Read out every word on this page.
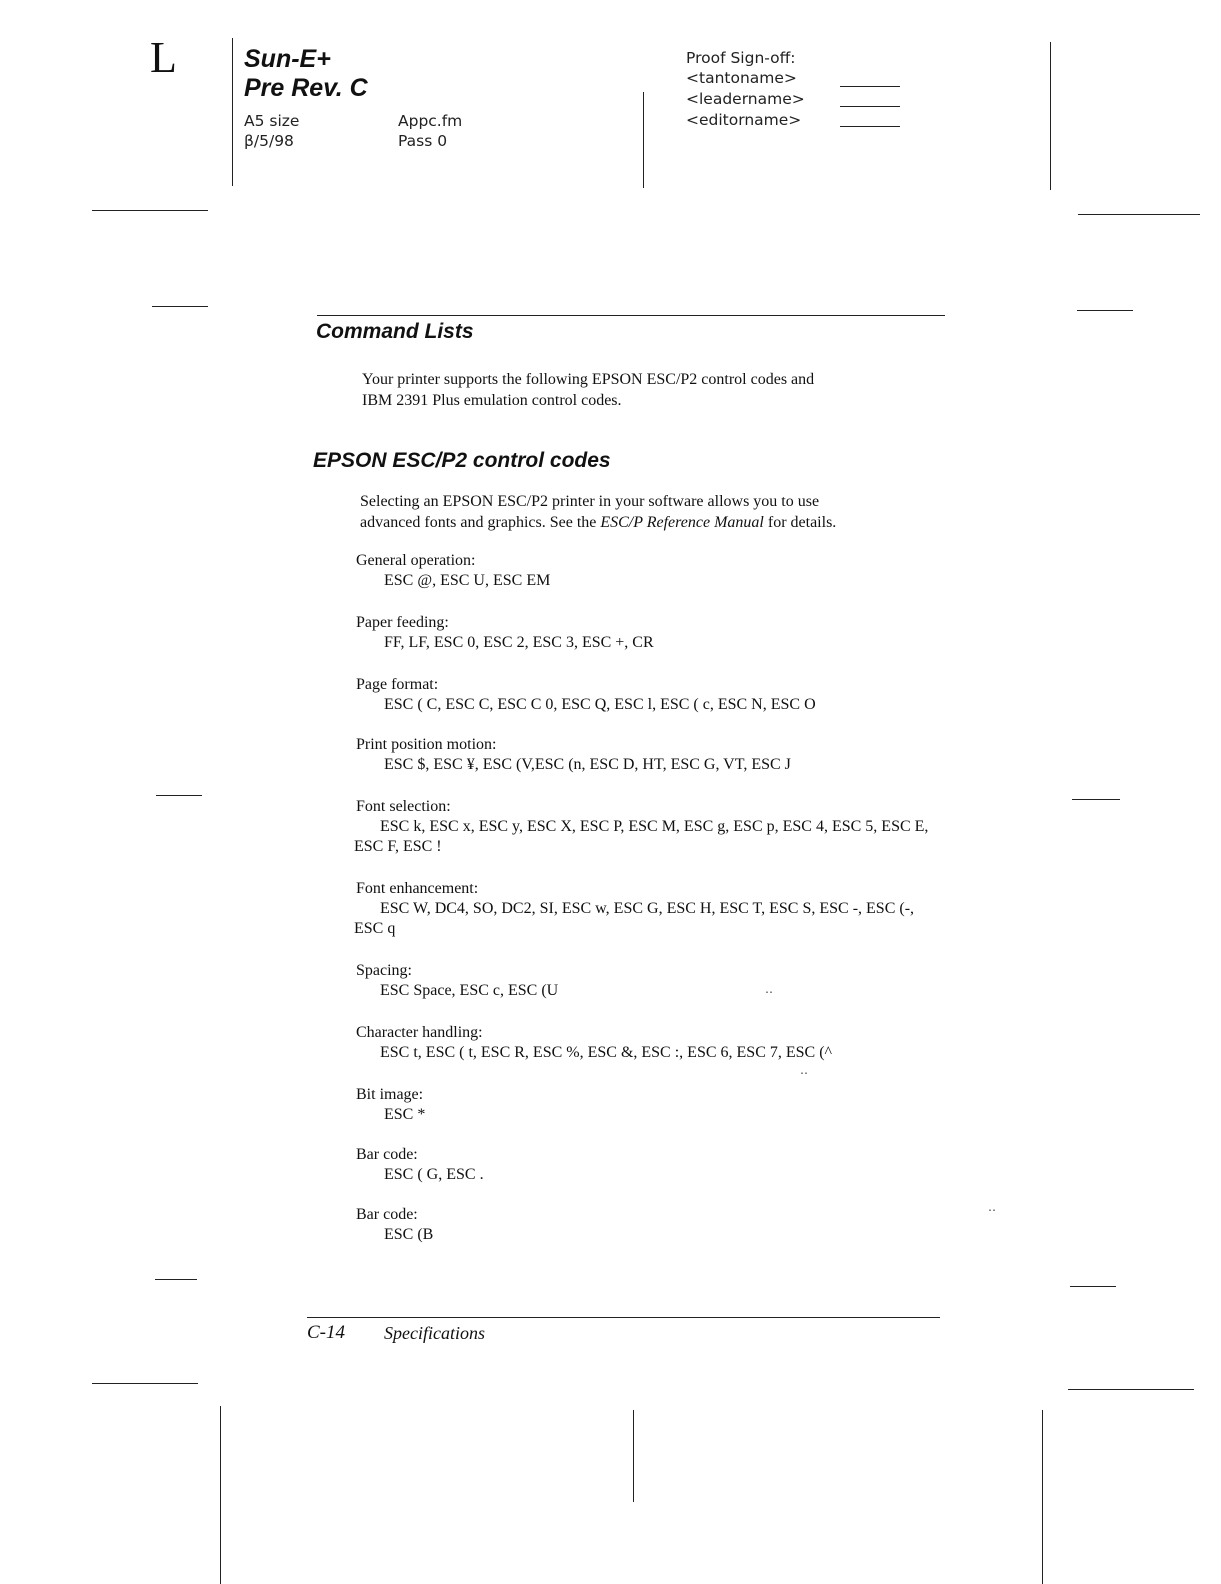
L	Sun-E+
Pre Rev. C
A5 size
β/5/98
Appc.fm
Pass 0
Proof Sign-off:
<tantoname>
<leadername>
<editorname>
Command Lists
Your printer supports the following EPSON ESC/P2 control codes and
IBM 2391 Plus emulation control codes.
EPSON ESC/P2 control codes
Selecting an EPSON ESC/P2 printer in your software allows you to use
advanced fonts and graphics. See the ESC/P Reference Manual for details.
General operation:
ESC @, ESC U, ESC EM
Paper feeding:
FF, LF, ESC 0, ESC 2, ESC 3, ESC +, CR
Page format:
ESC ( C, ESC C, ESC C 0, ESC Q, ESC l, ESC ( c, ESC N, ESC O
Print position motion:
ESC $, ESC ¥, ESC (V,ESC (n, ESC D, HT, ESC G, VT, ESC J
Font selection:
ESC k, ESC x, ESC y, ESC X, ESC P, ESC M, ESC g, ESC p, ESC 4, ESC 5, ESC E, ESC F, ESC !
Font enhancement:
ESC W, DC4, SO, DC2, SI, ESC w, ESC G, ESC H, ESC T, ESC S, ESC -, ESC (-, ESC q
Spacing:
ESC Space, ESC c, ESC (U
Character handling:
ESC t, ESC ( t, ESC R, ESC %, ESC &, ESC :, ESC 6, ESC 7, ESC (^
Bit image:
ESC *
Bar code:
ESC ( G, ESC .
Bar code:
ESC (B
․․
․․
․․
C-14 Specifications
